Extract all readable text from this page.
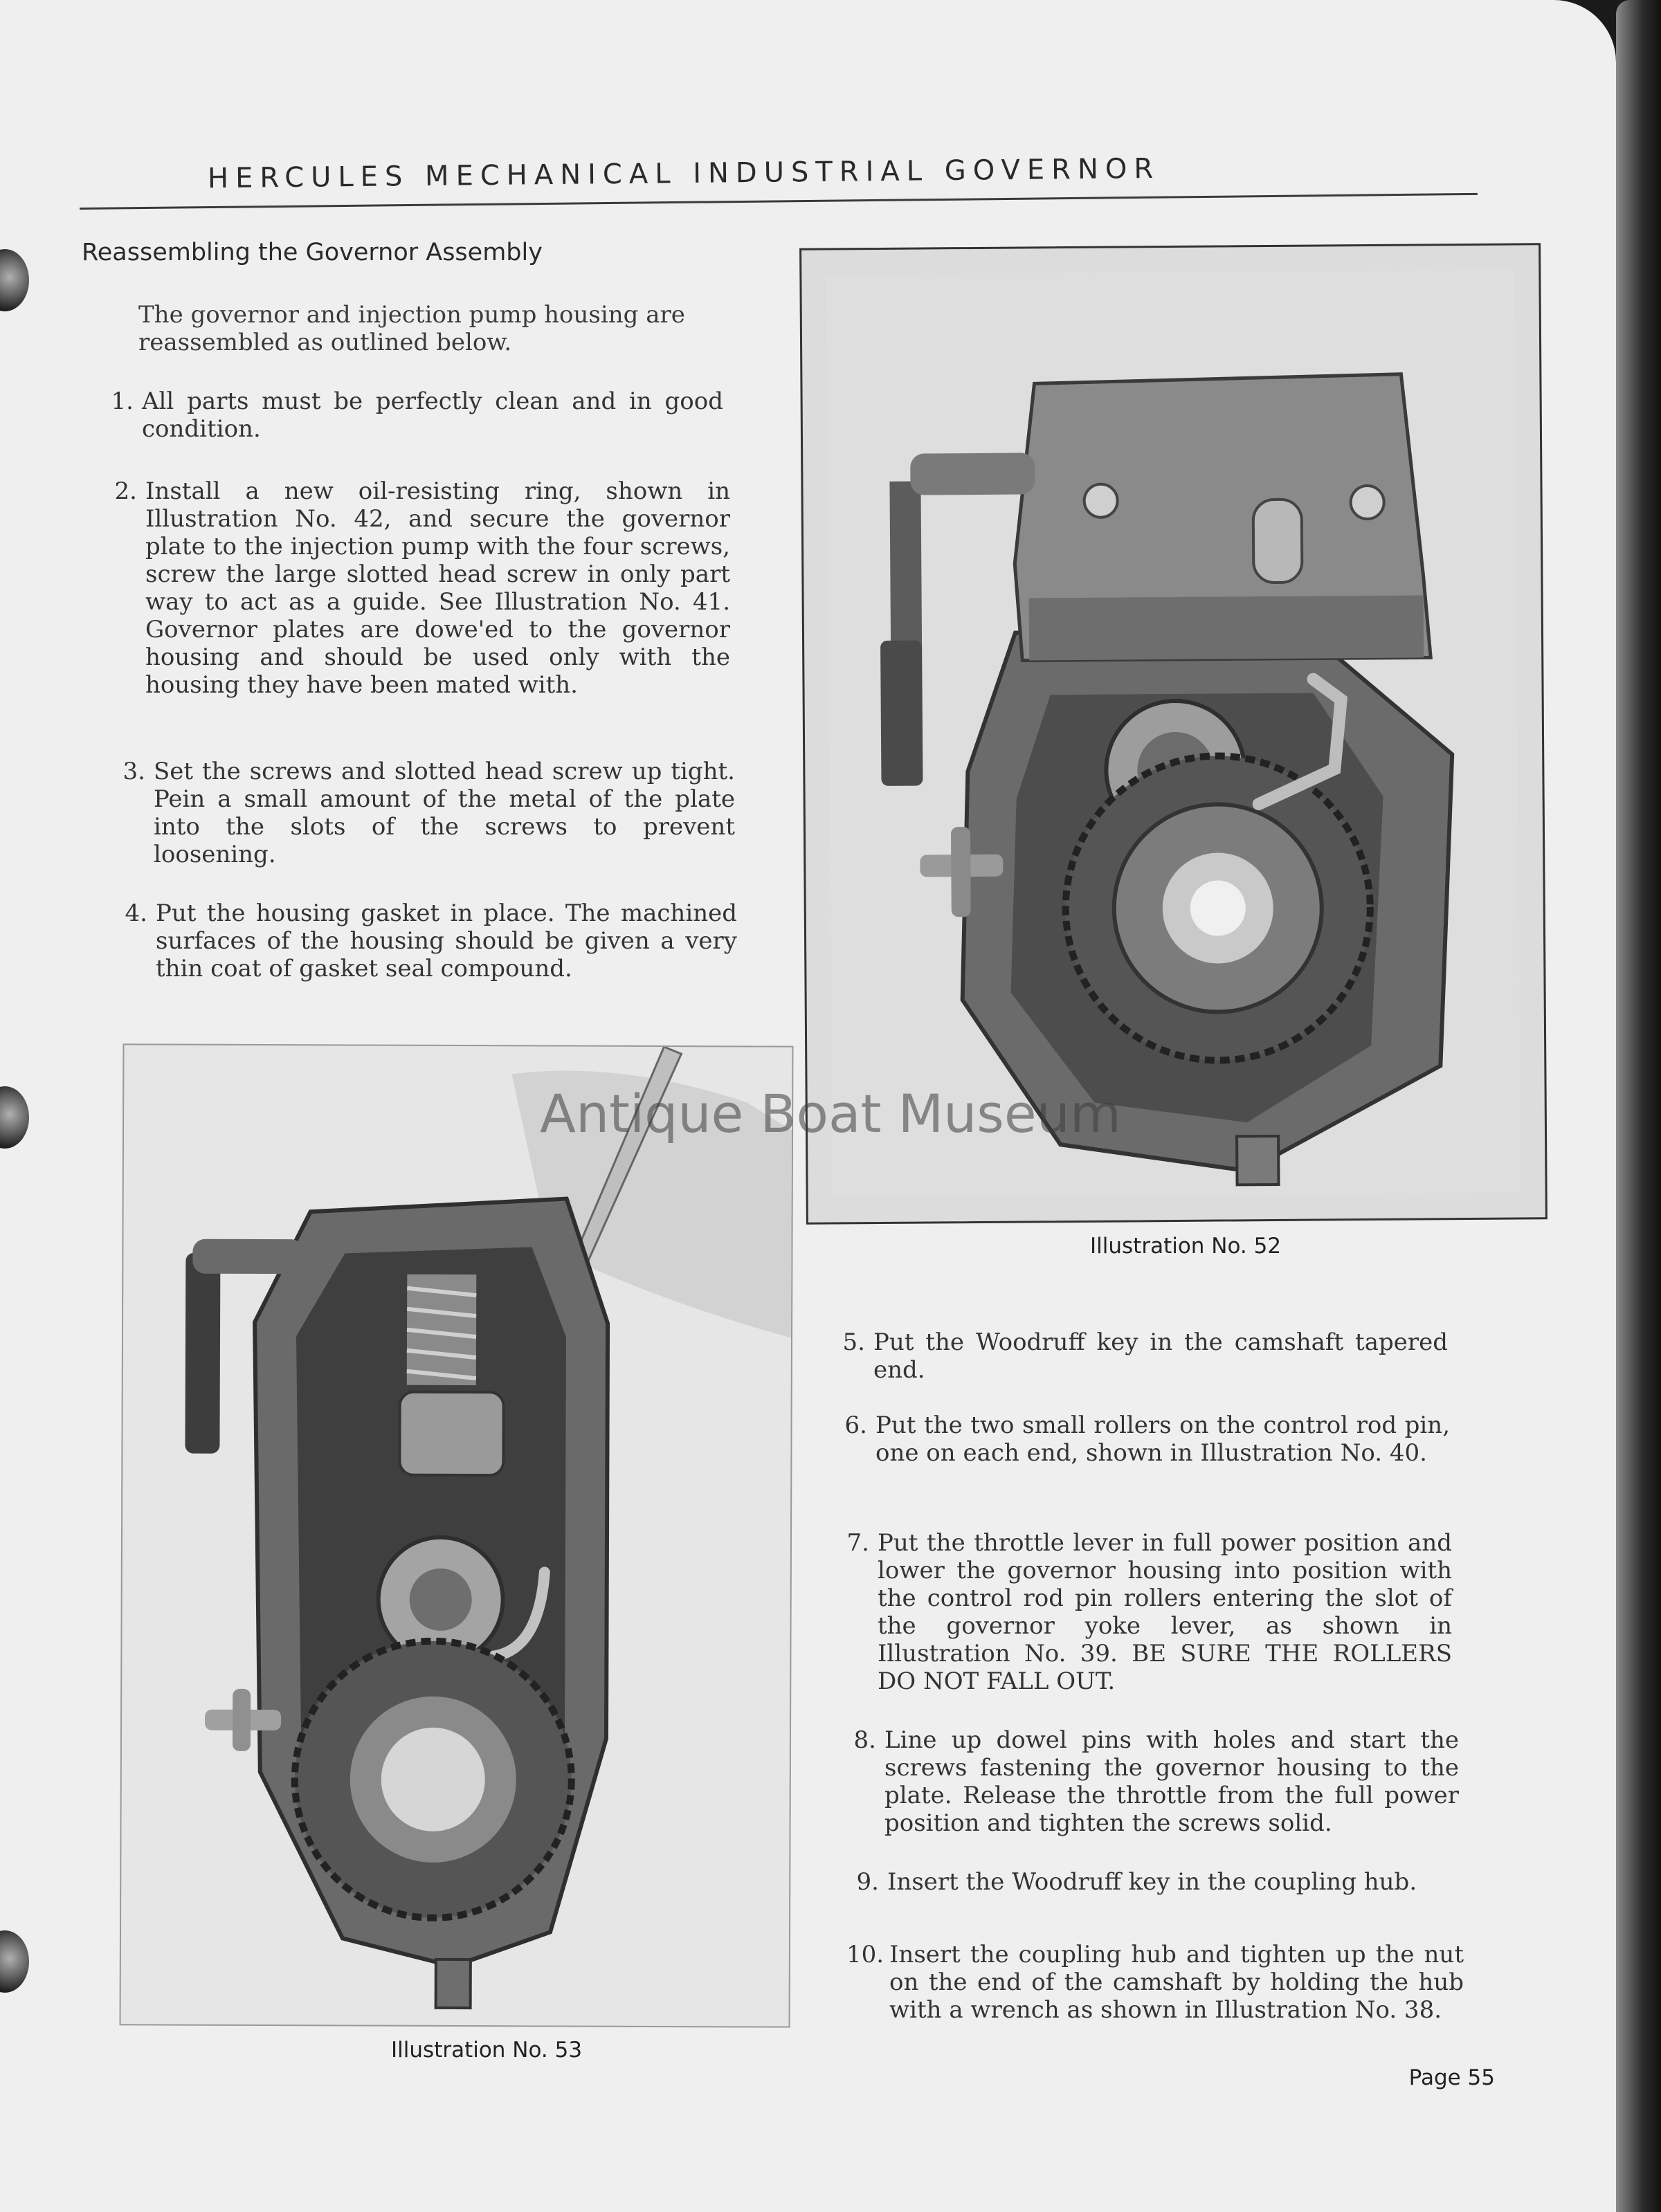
HERCULES MECHANICAL INDUSTRIAL GOVERNOR
Reassembling the Governor Assembly
The governor and injection pump housing are reassembled as outlined below.
1. All parts must be perfectly clean and in good condition.
2. Install a new oil-resisting ring, shown in Illustration No. 42, and secure the governor plate to the injection pump with the four screws, screw the large slotted head screw in only part way to act as a guide. See Illustration No. 41. Governor plates are dowe'ed to the governor housing and should be used only with the housing they have been mated with.
3. Set the screws and slotted head screw up tight. Pein a small amount of the metal of the plate into the slots of the screws to prevent loosening.
4. Put the housing gasket in place. The machined surfaces of the housing should be given a very thin coat of gasket seal compound.
Illustration No. 52
Illustration No. 53
5. Put the Woodruff key in the camshaft tapered end.
6. Put the two small rollers on the control rod pin, one on each end, shown in Illustration No. 40.
7. Put the throttle lever in full power position and lower the governor housing into position with the control rod pin rollers entering the slot of the governor yoke lever, as shown in Illustration No. 39. BE SURE THE ROLLERS DO NOT FALL OUT.
8. Line up dowel pins with holes and start the screws fastening the governor housing to the plate. Release the throttle from the full power position and tighten the screws solid.
9. Insert the Woodruff key in the coupling hub.
10. Insert the coupling hub and tighten up the nut on the end of the camshaft by holding the hub with a wrench as shown in Illustration No. 38.
Antique Boat Museum
Page 55
